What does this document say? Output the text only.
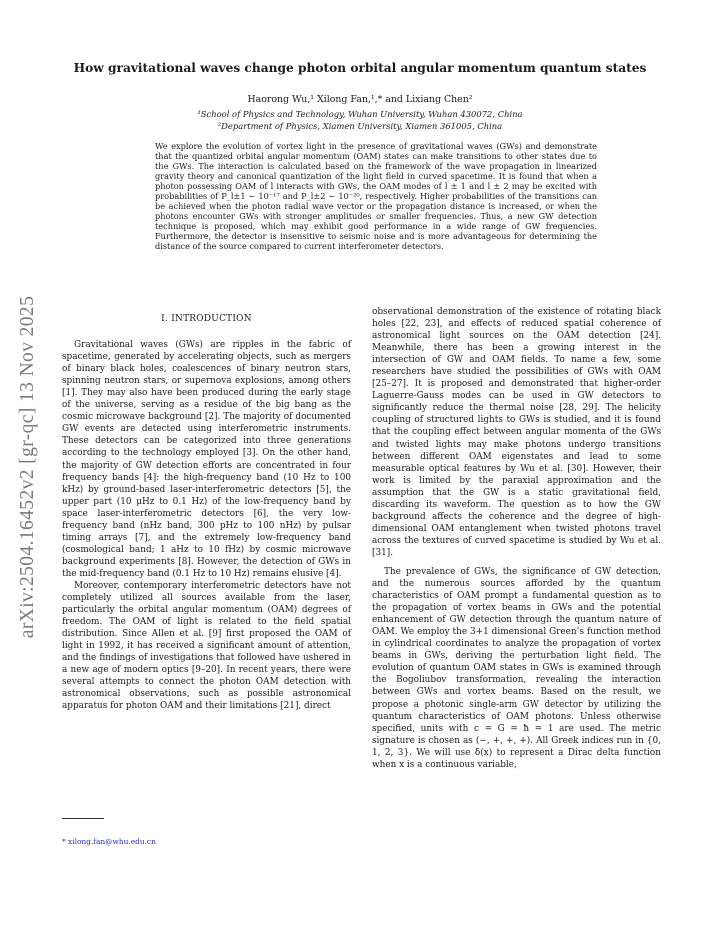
arXiv:2504.16452v2 [gr-qc] 13 Nov 2025
How gravitational waves change photon orbital angular momentum quantum states
Haorong Wu,¹ Xilong Fan,¹,* and Lixiang Chen²
¹School of Physics and Technology, Wuhan University, Wuhan 430072, China
²Department of Physics, Xiamen University, Xiamen 361005, China
We explore the evolution of vortex light in the presence of gravitational waves (GWs) and demonstrate that the quantized orbital angular momentum (OAM) states can make transitions to other states due to the GWs. The interaction is calculated based on the framework of the wave propagation in linearized gravity theory and canonical quantization of the light field in curved spacetime. It is found that when a photon possessing OAM of l interacts with GWs, the OAM modes of l ± 1 and l ± 2 may be excited with probabilities of P_l±1 ∼ 10⁻¹⁷ and P_l±2 ∼ 10⁻²⁰, respectively. Higher probabilities of the transitions can be achieved when the photon radial wave vector or the propagation distance is increased, or when the photons encounter GWs with stronger amplitudes or smaller frequencies. Thus, a new GW detection technique is proposed, which may exhibit good performance in a wide range of GW frequencies. Furthermore, the detector is insensitive to seismic noise and is more advantageous for determining the distance of the source compared to current interferometer detectors.
I. INTRODUCTION

Gravitational waves (GWs) are ripples in the fabric of spacetime, generated by accelerating objects, such as mergers of binary black holes, coalescences of binary neutron stars, spinning neutron stars, or supernova explosions, among others [1]. They may also have been produced during the early stage of the universe, serving as a residue of the big bang as the cosmic microwave background [2]. The majority of documented GW events are detected using interferometric instruments. These detectors can be categorized into three generations according to the technology employed [3]. On the other hand, the majority of GW detection efforts are concentrated in four frequency bands [4]: the high-frequency band (10 Hz to 100 kHz) by ground-based laser-interferometric detectors [5], the upper part (10 μHz to 0.1 Hz) of the low-frequency band by space laser-interferometric detectors [6], the very low-frequency band (nHz band, 300 pHz to 100 nHz) by pulsar timing arrays [7], and the extremely low-frequency band (cosmological band; 1 aHz to 10 fHz) by cosmic microwave background experiments [8]. However, the detection of GWs in the mid-frequency band (0.1 Hz to 10 Hz) remains elusive [4].

Moreover, contemporary interferometric detectors have not completely utilized all sources available from the laser, particularly the orbital angular momentum (OAM) degrees of freedom. The OAM of light is related to the field spatial distribution. Since Allen et al. [9] first proposed the OAM of light in 1992, it has received a significant amount of attention, and the findings of investigations that followed have ushered in a new age of modern optics [9–20]. In recent years, there were several attempts to connect the photon OAM detection with astronomical observations, such as possible astronomical apparatus for photon OAM and their limitations [21], direct

observational demonstration of the existence of rotating black holes [22, 23], and effects of reduced spatial coherence of astronomical light sources on the OAM detection [24]. Meanwhile, there has been a growing interest in the intersection of GW and OAM fields. To name a few, some researchers have studied the possibilities of GWs with OAM [25–27]. It is proposed and demonstrated that higher-order Laguerre-Gauss modes can be used in GW detectors to significantly reduce the thermal noise [28, 29]. The helicity coupling of structured lights to GWs is studied, and it is found that the coupling effect between angular momenta of the GWs and twisted lights may make photons undergo transitions between different OAM eigenstates and lead to some measurable optical features by Wu et al. [30]. However, their work is limited by the paraxial approximation and the assumption that the GW is a static gravitational field, discarding its waveform. The question as to how the GW background affects the coherence and the degree of high-dimensional OAM entanglement when twisted photons travel across the textures of curved spacetime is studied by Wu et al. [31].

The prevalence of GWs, the significance of GW detection, and the numerous sources afforded by the quantum characteristics of OAM prompt a fundamental question as to the propagation of vortex beams in GWs and the potential enhancement of GW detection through the quantum nature of OAM. We employ the 3+1 dimensional Green’s function method in cylindrical coordinates to analyze the propagation of vortex beams in GWs, deriving the perturbation light field. The evolution of quantum OAM states in GWs is examined through the Bogoliubov transformation, revealing the interaction between GWs and vortex beams. Based on the result, we propose a photonic single-arm GW detector by utilizing the quantum characteristics of OAM photons. Unless otherwise specified, units with c = G = ħ = 1 are used. The metric signature is chosen as (−, +, +, +). All Greek indices run in {0, 1, 2, 3}. We will use δ(x) to represent a Dirac delta function when x is a continuous variable,

* xilong.fan@whu.edu.cn
